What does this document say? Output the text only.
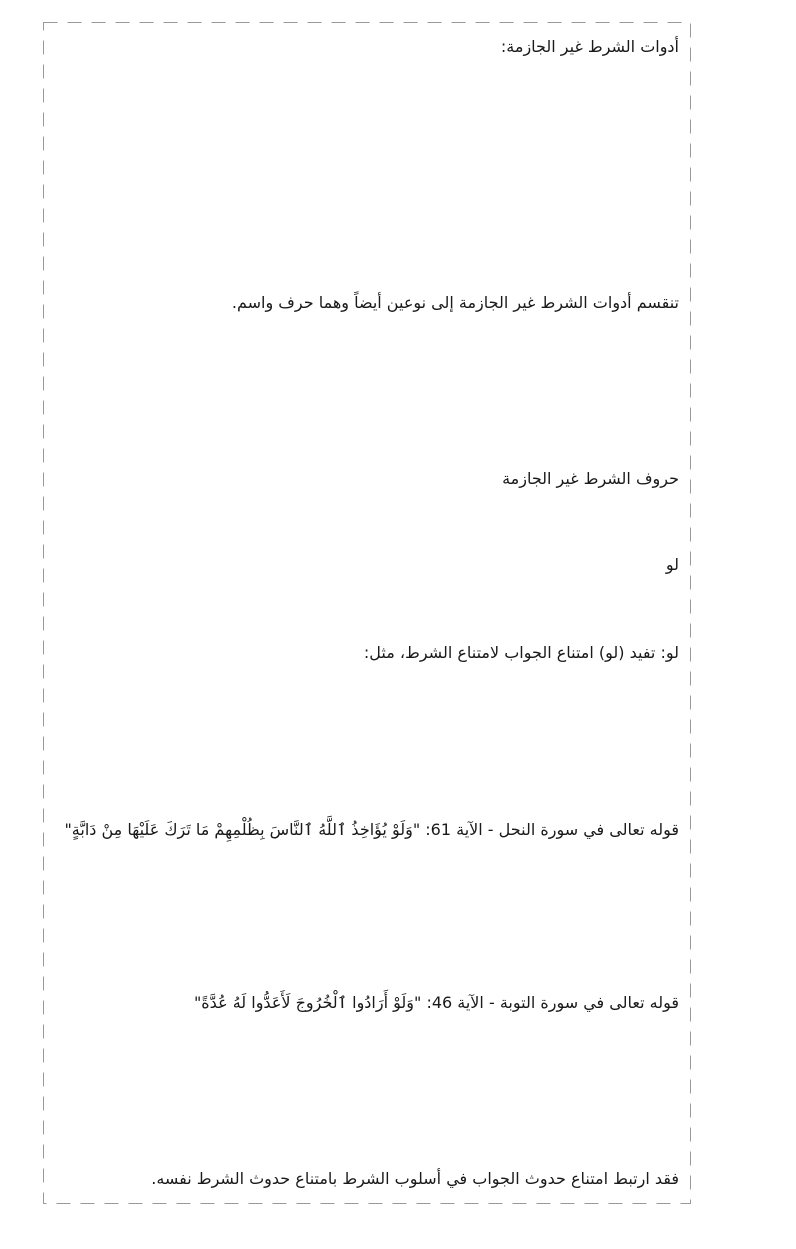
أدوات الشرط غير الجازمة:
تنقسم أدوات الشرط غير الجازمة إلى نوعين أيضاً وهما حرف واسم.
حروف الشرط غير الجازمة
لو
لو: تفيد (لو) امتناع الجواب لامتناع الشرط، مثل:
قوله تعالى في سورة النحل - الآية 61: "وَلَوْ يُؤَاخِذُ ٱللَّهُ ٱلنَّاسَ بِظُلْمِهِمْ مَا تَرَكَ عَلَيْهَا مِنْ دَابَّةٍ"
قوله تعالى في سورة التوبة - الآية 46: "وَلَوْ أَرَادُوا ٱلْخُرُوجَ لَأَعَدُّوا لَهُ عُدَّةً"
فقد ارتبط امتناع حدوث الجواب في أسلوب الشرط بامتناع حدوث الشرط نفسه.
